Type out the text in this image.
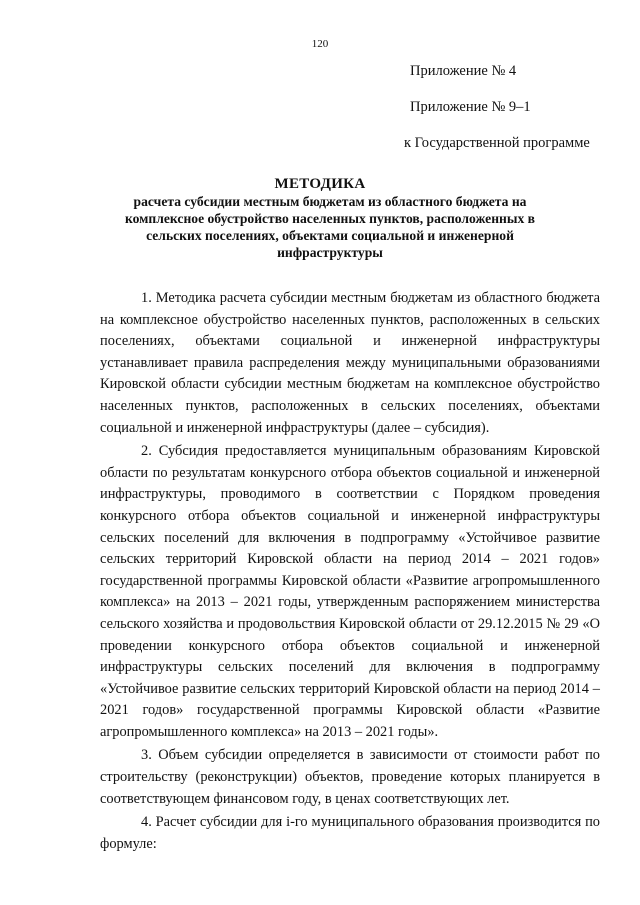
120
Приложение № 4
Приложение № 9–1
к Государственной программе
МЕТОДИКА
расчета субсидии местным бюджетам из областного бюджета на комплексное обустройство населенных пунктов, расположенных в сельских поселениях, объектами социальной и инженерной инфраструктуры

1. Методика расчета субсидии местным бюджетам из областного бюджета на комплексное обустройство населенных пунктов, расположенных в сельских поселениях, объектами социальной и инженерной инфраструктуры устанавливает правила распределения между муниципальными образованиями Кировской области субсидии местным бюджетам на комплексное обустройство населенных пунктов, расположенных в сельских поселениях, объектами социальной и инженерной инфраструктуры (далее – субсидия).

2. Субсидия предоставляется муниципальным образованиям Кировской области по результатам конкурсного отбора объектов социальной и инженерной инфраструктуры, проводимого в соответствии с Порядком проведения конкурсного отбора объектов социальной и инженерной инфраструктуры сельских поселений для включения в подпрограмму «Устойчивое развитие сельских территорий Кировской области на период 2014 – 2021 годов» государственной программы Кировской области «Развитие агропромышленного комплекса» на 2013 – 2021 годы, утвержденным распоряжением министерства сельского хозяйства и продовольствия Кировской области от 29.12.2015 № 29 «О проведении конкурсного отбора объектов социальной и инженерной инфраструктуры сельских поселений для включения в подпрограмму «Устойчивое развитие сельских территорий Кировской области на период 2014 – 2021 годов» государственной программы Кировской области «Развитие агропромышленного комплекса» на 2013 – 2021 годы».

3. Объем субсидии определяется в зависимости от стоимости работ по строительству (реконструкции) объектов, проведение которых планируется в соответствующем финансовом году, в ценах соответствующих лет.

4. Расчет субсидии для i-го муниципального образования производится по формуле:
